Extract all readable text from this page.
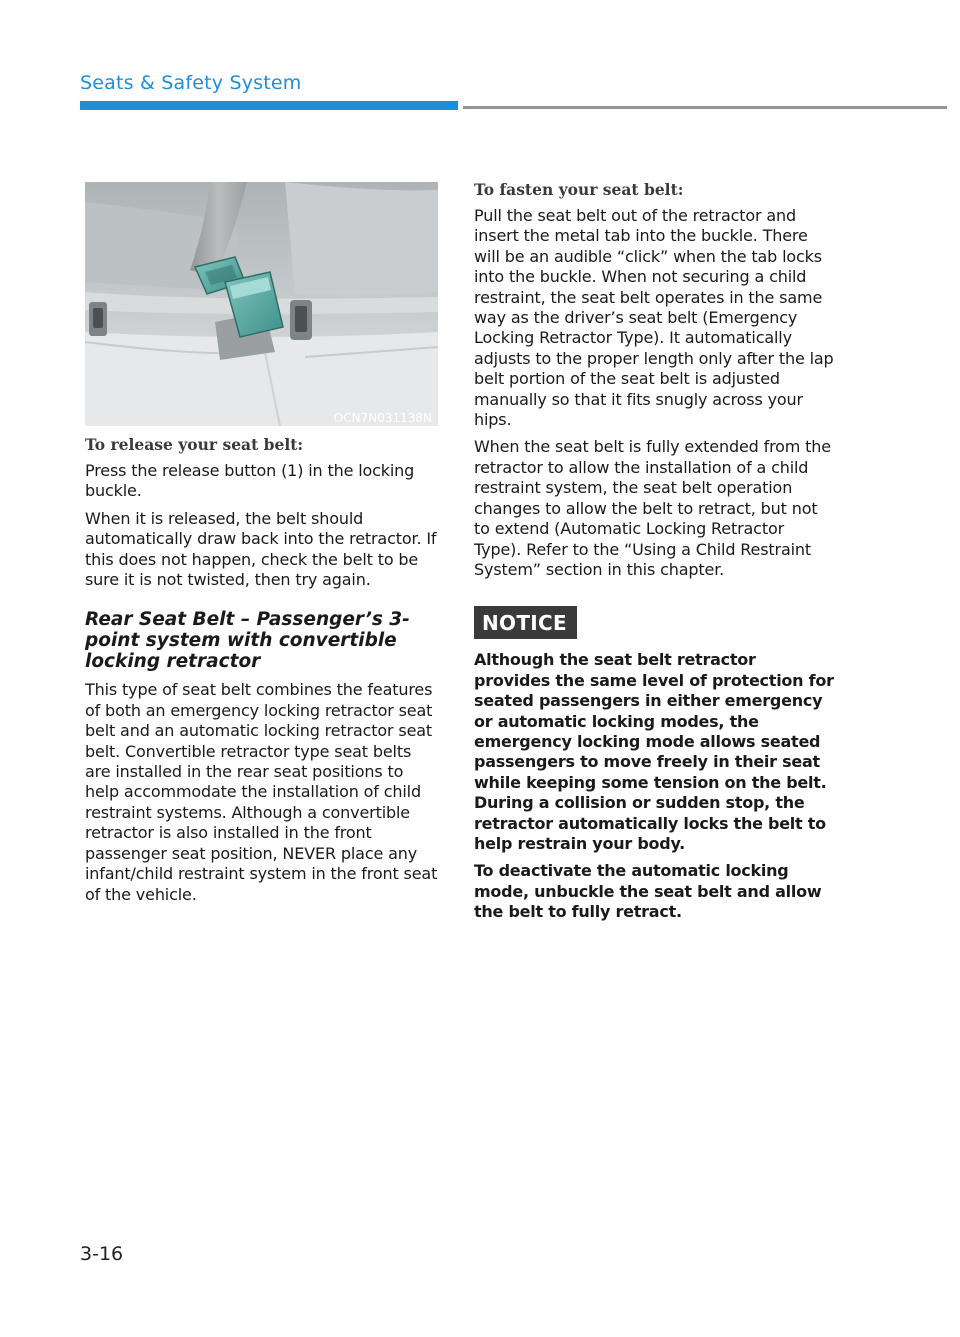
Seats & Safety System
OCN7N031138N
To release your seat belt:

Press the release button (1) in the locking buckle.

When it is released, the belt should automatically draw back into the retractor. If this does not happen, check the belt to be sure it is not twisted, then try again.

Rear Seat Belt – Passenger’s 3-point system with convertible locking retractor

This type of seat belt combines the features of both an emergency locking retractor seat belt and an automatic locking retractor seat belt. Convertible retractor type seat belts are installed in the rear seat positions to help accommodate the installation of child restraint systems. Although a convertible retractor is also installed in the front passenger seat position, NEVER place any infant/child restraint system in the front seat of the vehicle.

To fasten your seat belt:

Pull the seat belt out of the retractor and insert the metal tab into the buckle. There will be an audible “click” when the tab locks into the buckle. When not securing a child restraint, the seat belt operates in the same way as the driver’s seat belt (Emergency Locking Retractor Type). It automatically adjusts to the proper length only after the lap belt portion of the seat belt is adjusted manually so that it fits snugly across your hips.

When the seat belt is fully extended from the retractor to allow the installation of a child restraint system, the seat belt operation changes to allow the belt to retract, but not to extend (Automatic Locking Retractor Type). Refer to the “Using a Child Restraint System” section in this chapter.

NOTICE

Although the seat belt retractor provides the same level of protection for seated passengers in either emergency or automatic locking modes, the emergency locking mode allows seated passengers to move freely in their seat while keeping some tension on the belt. During a collision or sudden stop, the retractor automatically locks the belt to help restrain your body.

To deactivate the automatic locking mode, unbuckle the seat belt and allow the belt to fully retract.

3-16
